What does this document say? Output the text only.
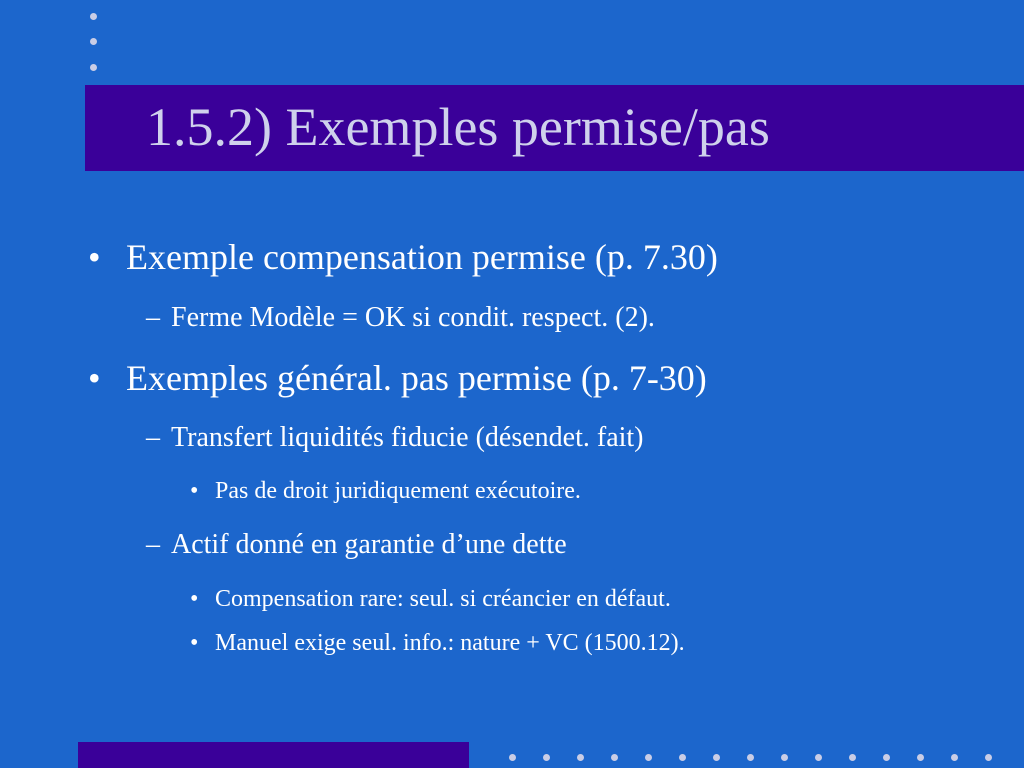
1.5.2) Exemples permise/pas

• Exemple compensation permise (p. 7.30)

– Ferme Modèle = OK si condit. respect. (2).

• Exemples général. pas permise (p. 7-30)

– Transfert liquidités fiducie (désendet. fait)

• Pas de droit juridiquement exécutoire.

– Actif donné en garantie d’une dette

• Compensation rare: seul. si créancier en défaut.

• Manuel exige seul. info.: nature + VC (1500.12).
